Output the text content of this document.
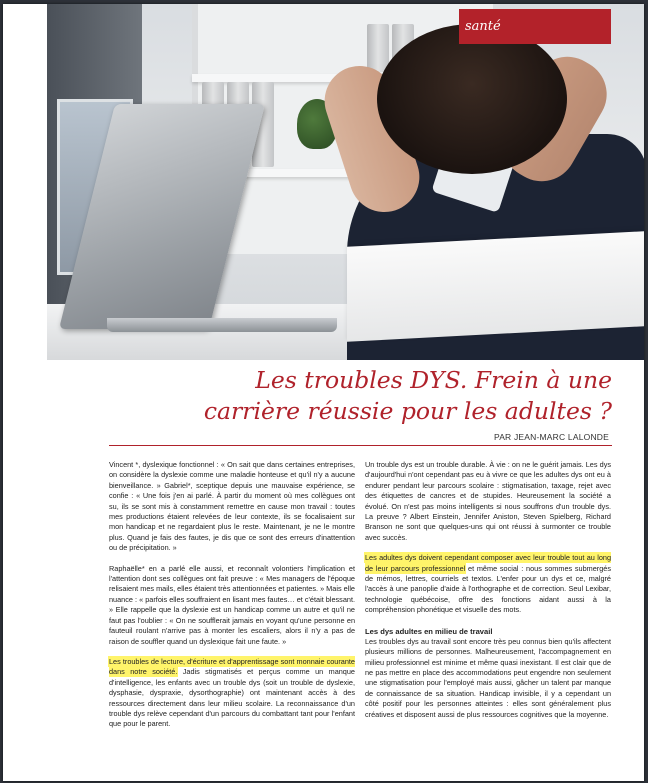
santé
Les troubles DYS. Frein à une
carrière réussie pour les adultes ?
PAR JEAN-MARC LALONDE

Vincent *, dyslexique fonctionnel : « On sait que dans certaines entreprises, on considère la dyslexie comme une maladie honteuse et qu'il n'y a aucune bienveillance. » Gabriel*, sceptique depuis une mauvaise expérience, se confie : « Une fois j'en ai parlé. À partir du moment où mes collègues ont su, ils se sont mis à constamment remettre en cause mon travail : toutes mes productions étaient relevées de leur contexte, ils se focalisaient sur mon handicap et ne regardaient plus le reste. Maintenant, je ne le montre plus. Quand je fais des fautes, je dis que ce sont des erreurs d'inattention ou de précipitation. »

Raphaëlle* en a parlé elle aussi, et reconnaît volontiers l'implication et l'attention dont ses collègues ont fait preuve : « Mes managers de l'époque relisaient mes mails, elles étaient très attentionnées et patientes. » Mais elle nuance : « parfois elles souffraient en lisant mes fautes… et c'était blessant. » Elle rappelle que la dyslexie est un handicap comme un autre et qu'il ne faut pas l'oublier : « On ne soufflerait jamais en voyant qu'une personne en fauteuil roulant n'arrive pas à monter les escaliers, alors il n'y a pas de raison de souffler quand un dyslexique fait une faute. »

Les troubles de lecture, d'écriture et d'apprentissage sont monnaie courante dans notre société. Jadis stigmatisés et perçus comme un manque d'intelligence, les enfants avec un trouble dys (soit un trouble de dyslexie, dysphasie, dyspraxie, dysorthographie) ont maintenant accès à des ressources directement dans leur milieu scolaire. La reconnaissance d'un trouble dys relève cependant d'un parcours du combattant tant pour l'enfant que pour le parent.

Un trouble dys est un trouble durable. À vie : on ne le guérit jamais. Les dys d'aujourd'hui n'ont cependant pas eu à vivre ce que les adultes dys ont eu à endurer pendant leur parcours scolaire : stigmatisation, taxage, rejet avec des étiquettes de cancres et de stupides. Heureusement la société a évolué. On n'est pas moins intelligents si nous souffrons d'un trouble dys. La preuve ? Albert Einstein, Jennifer Aniston, Steven Spielberg, Richard Branson ne sont que quelques-uns qui ont réussi à surmonter ce trouble avec succès.

Les adultes dys doivent cependant composer avec leur trouble tout au long de leur parcours professionnel et même social : nous sommes submergés de mémos, lettres, courriels et textos. L'enfer pour un dys et ce, malgré l'accès à une panoplie d'aide à l'orthographe et de correction. Seul Lexibar, technologie québécoise, offre des fonctions aidant aussi à la compréhension phonétique et visuelle des mots.

Les dys adultes en milieu de travail

Les troubles dys au travail sont encore très peu connus bien qu'ils affectent plusieurs millions de personnes. Malheureusement, l'accompagnement en milieu professionnel est minime et même quasi inexistant. Il est clair que de ne pas mettre en place des accommodations peut engendre non seulement une stigmatisation pour l'employé mais aussi, gâcher un talent par manque de connaissance de sa situation. Handicap invisible, il y a cependant un côté positif pour les personnes atteintes : elles sont généralement plus créatives et disposent aussi de plus ressources cognitives que la moyenne.
